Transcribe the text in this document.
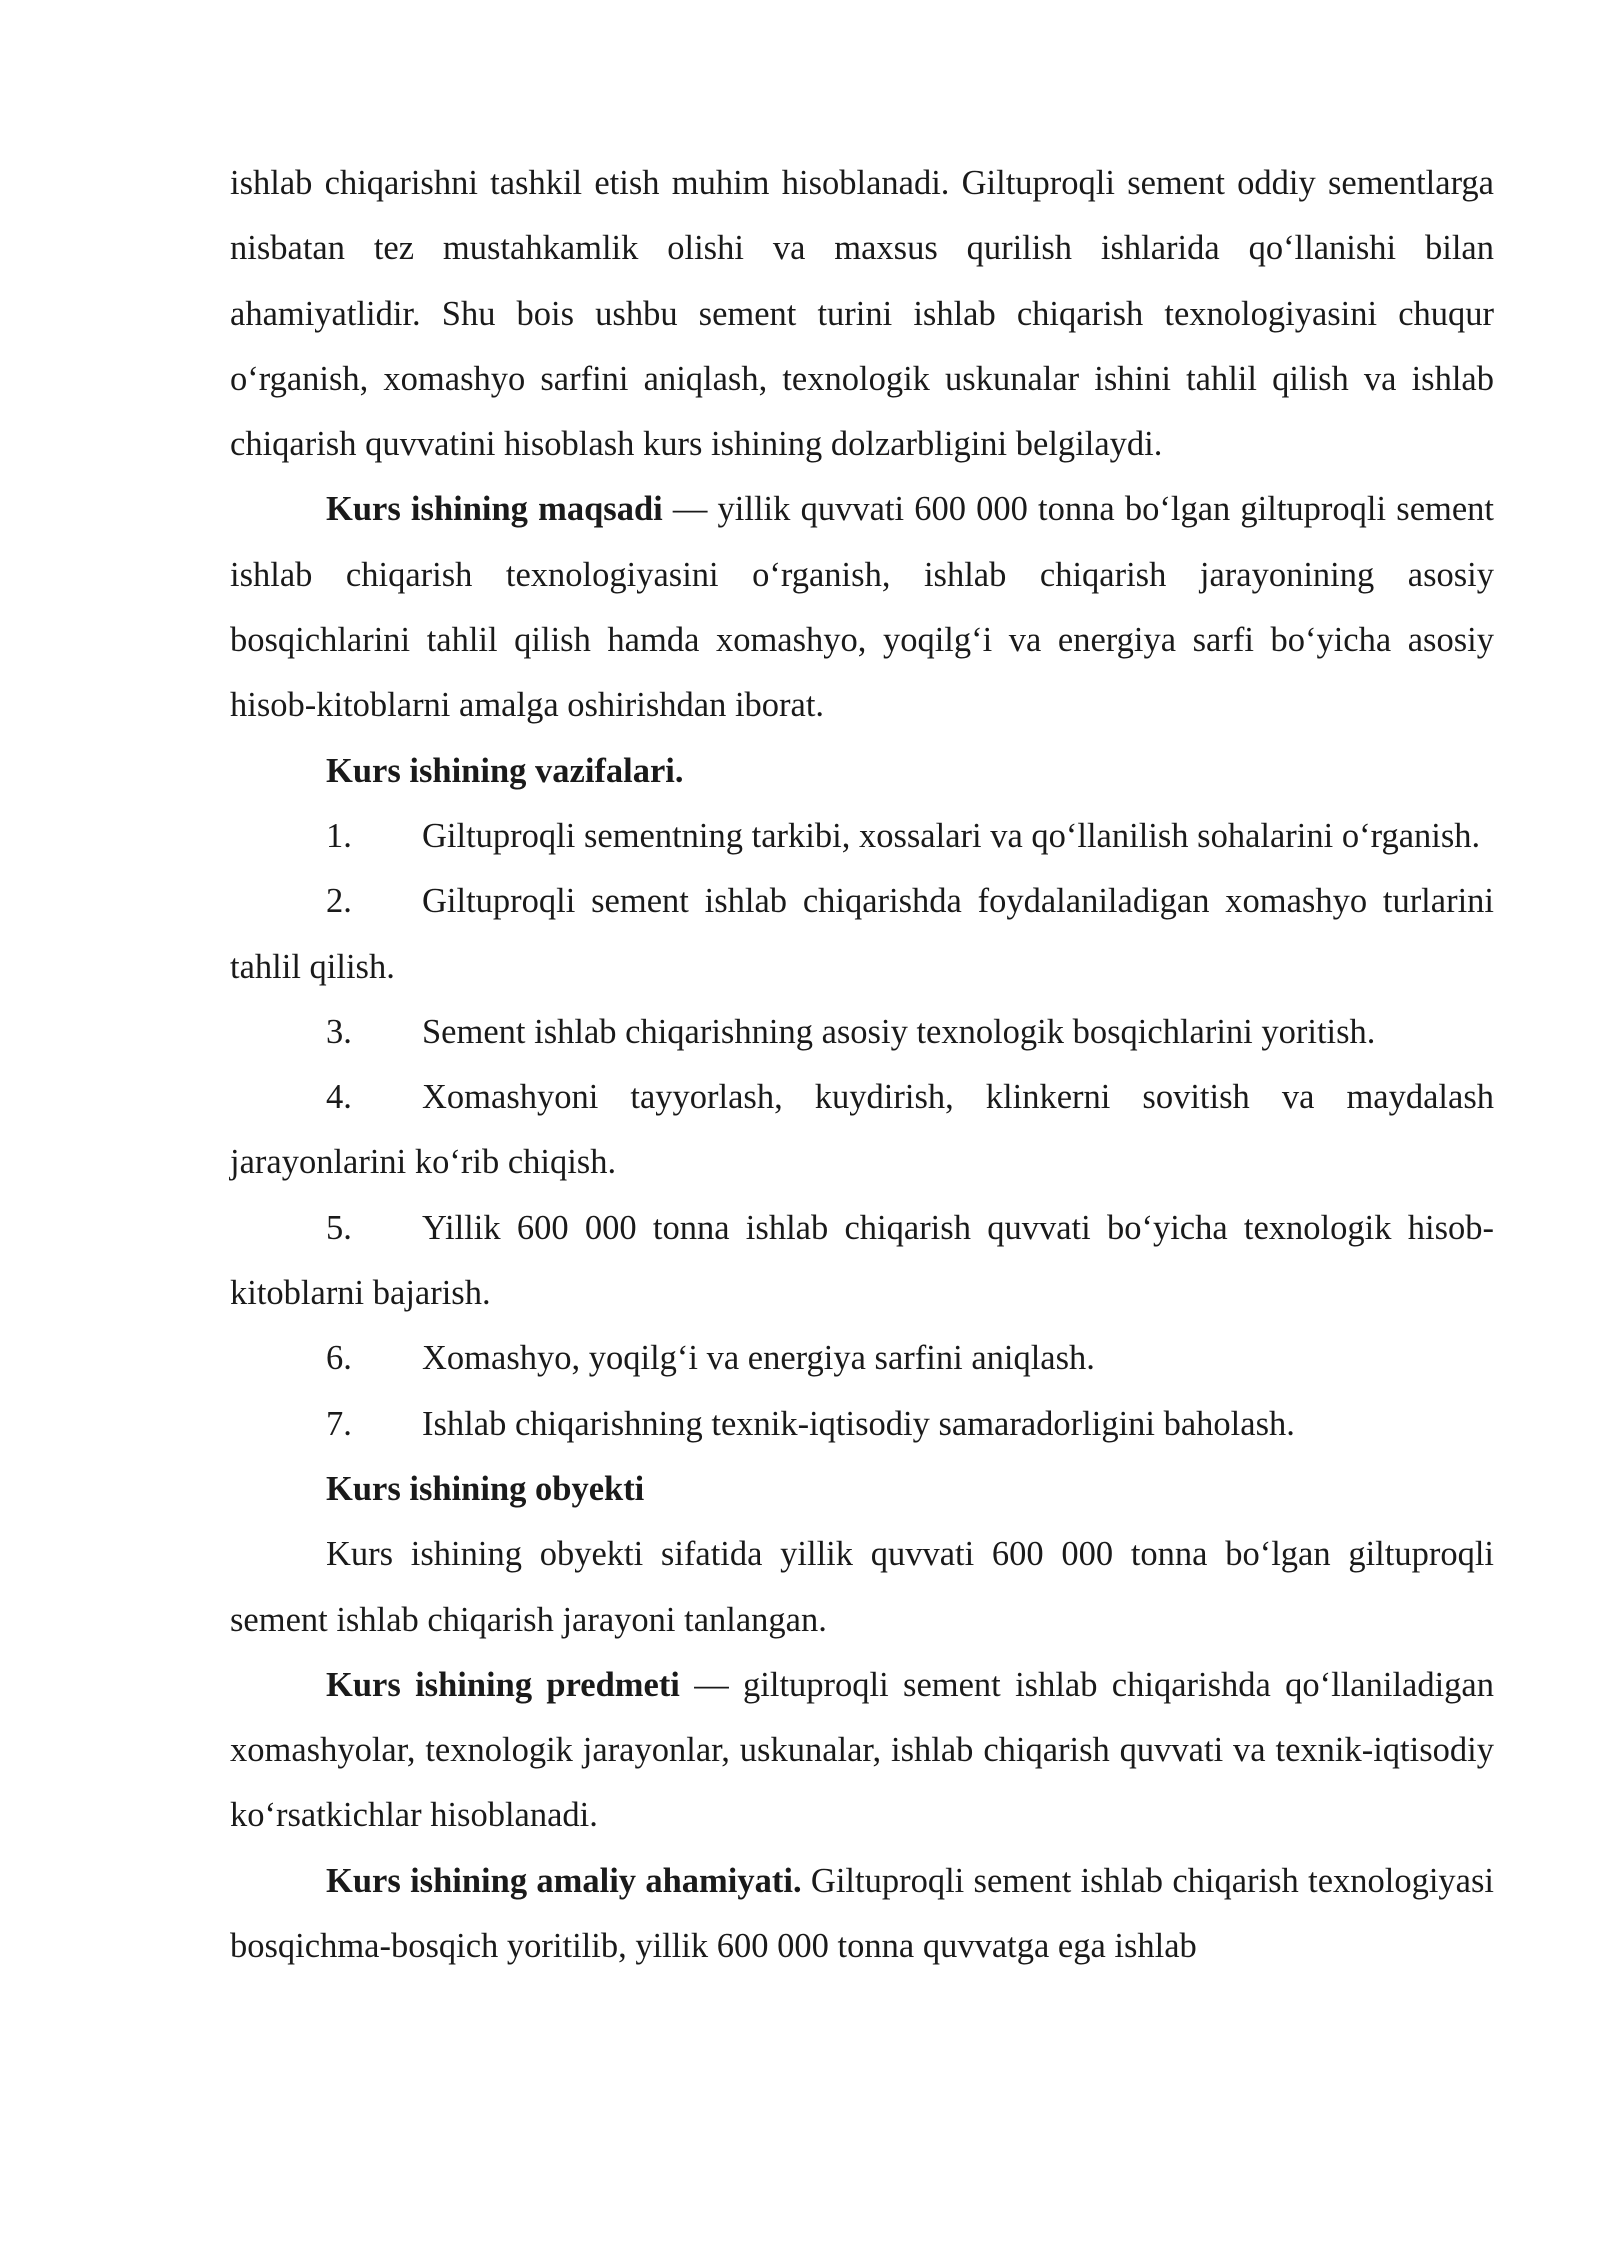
ishlab chiqarishni tashkil etish muhim hisoblanadi. Giltuproqli sement oddiy sementlarga nisbatan tez mustahkamlik olishi va maxsus qurilish ishlarida qo‘llanishi bilan ahamiyatlidir. Shu bois ushbu sement turini ishlab chiqarish texnologiyasini chuqur o‘rganish, xomashyo sarfini aniqlash, texnologik uskunalar ishini tahlil qilish va ishlab chiqarish quvvatini hisoblash kurs ishining dolzarbligini belgilaydi.

Kurs ishining maqsadi — yillik quvvati 600 000 tonna bo‘lgan giltuproqli sement ishlab chiqarish texnologiyasini o‘rganish, ishlab chiqarish jarayonining asosiy bosqichlarini tahlil qilish hamda xomashyo, yoqilg‘i va energiya sarfi bo‘yicha asosiy hisob-kitoblarni amalga oshirishdan iborat.

Kurs ishining vazifalari.

1. Giltuproqli sementning tarkibi, xossalari va qo‘llanilish sohalarini o‘rganish.

2. Giltuproqli sement ishlab chiqarishda foydalaniladigan xomashyo turlarini tahlil qilish.

3. Sement ishlab chiqarishning asosiy texnologik bosqichlarini yoritish.

4. Xomashyoni tayyorlash, kuydirish, klinkerni sovitish va maydalash jarayonlarini ko‘rib chiqish.

5. Yillik 600 000 tonna ishlab chiqarish quvvati bo‘yicha texnologik hisob-kitoblarni bajarish.

6. Xomashyo, yoqilg‘i va energiya sarfini aniqlash.

7. Ishlab chiqarishning texnik-iqtisodiy samaradorligini baholash.

Kurs ishining obyekti

Kurs ishining obyekti sifatida yillik quvvati 600 000 tonna bo‘lgan giltuproqli sement ishlab chiqarish jarayoni tanlangan.

Kurs ishining predmeti — giltuproqli sement ishlab chiqarishda qo‘llaniladigan xomashyolar, texnologik jarayonlar, uskunalar, ishlab chiqarish quvvati va texnik-iqtisodiy ko‘rsatkichlar hisoblanadi.

Kurs ishining amaliy ahamiyati. Giltuproqli sement ishlab chiqarish texnologiyasi bosqichma-bosqich yoritilib, yillik 600 000 tonna quvvatga ega ishlab
